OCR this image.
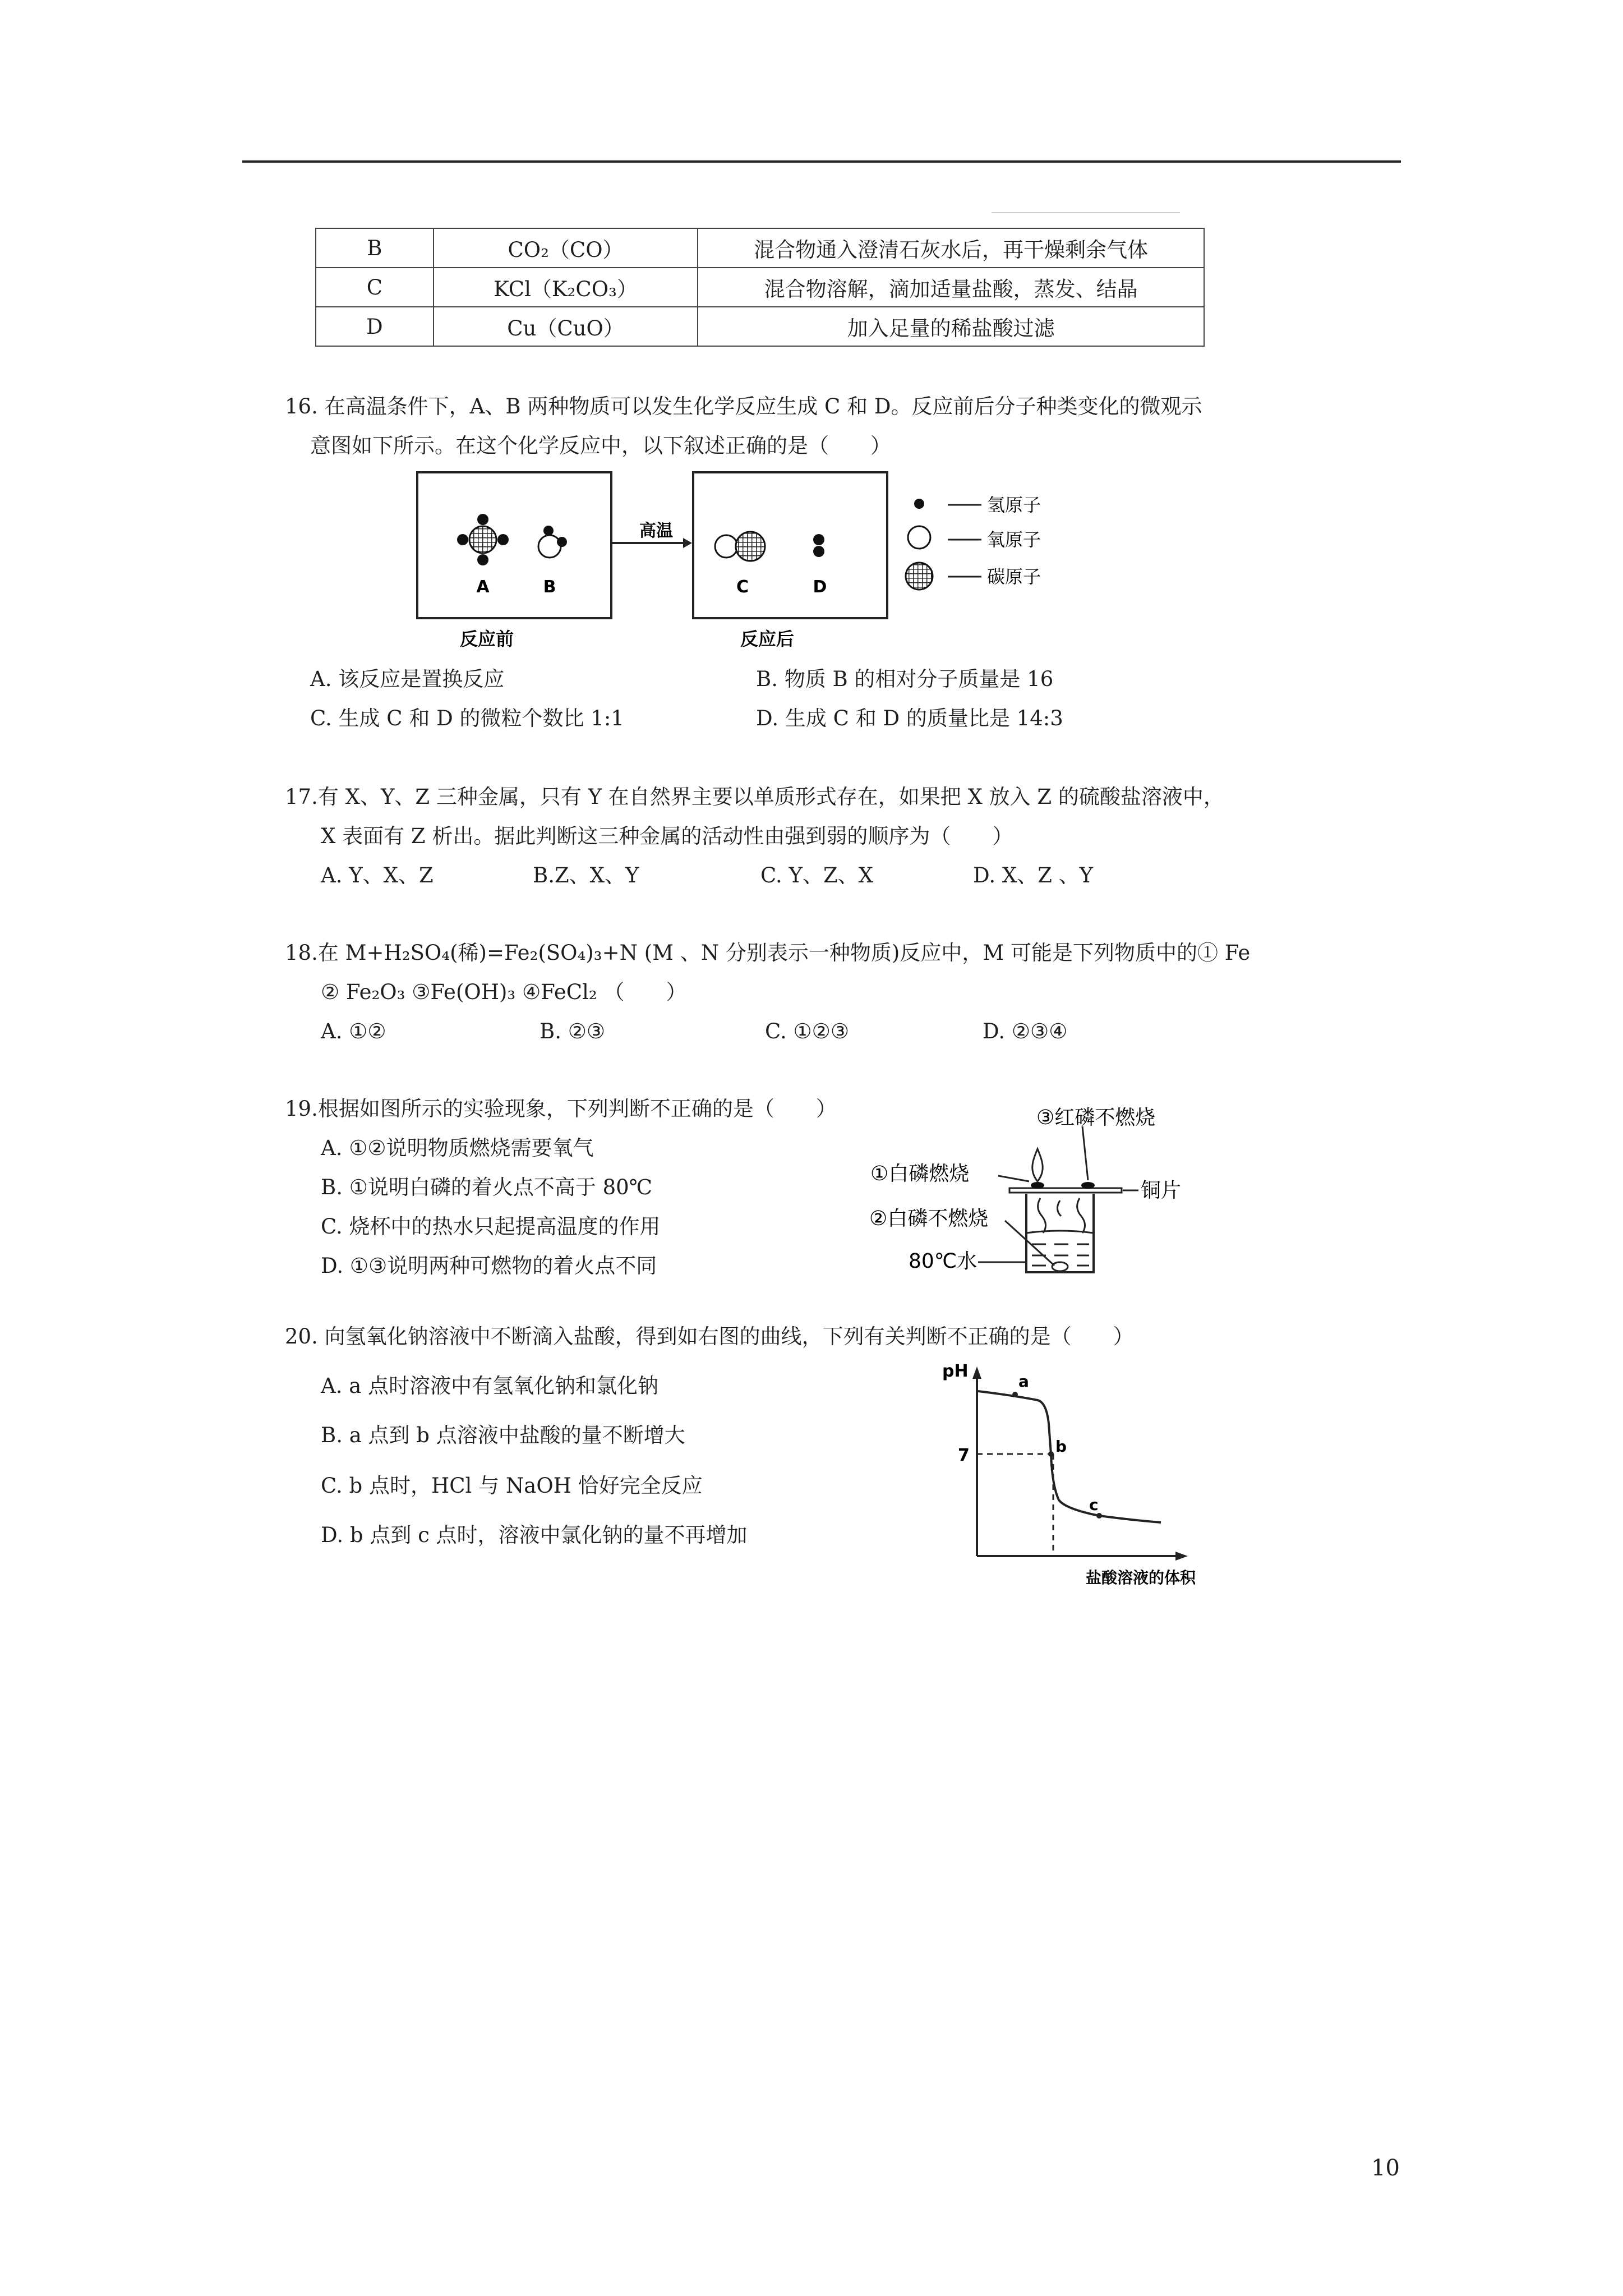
B	CO₂（CO）	混合物通入澄清石灰水后，再干燥剩余气体
C	KCl（K₂CO₃）	混合物溶解，滴加适量盐酸，蒸发、结晶
D	Cu（CuO）	加入足量的稀盐酸过滤
16. 在高温条件下，A、B 两种物质可以发生化学反应生成 C 和 D。反应前后分子种类变化的微观示
意图如下所示。在这个化学反应中，以下叙述正确的是（　　）
A	B
反应前
高温
C	D
反应后
氢原子
氧原子
碳原子
A. 该反应是置换反应	B. 物质 B 的相对分子质量是 16
C. 生成 C 和 D 的微粒个数比 1:1	D. 生成 C 和 D 的质量比是 14:3
17.有 X、Y、Z 三种金属，只有 Y 在自然界主要以单质形式存在，如果把 X 放入 Z 的硫酸盐溶液中，
X 表面有 Z 析出。据此判断这三种金属的活动性由强到弱的顺序为（　　）
A. Y、X、Z	B.Z、X、Y	C. Y、Z、X	D. X、Z 、Y
18.在 M+H₂SO₄(稀)=Fe₂(SO₄)₃+N (M 、N 分别表示一种物质)反应中，M 可能是下列物质中的① Fe
② Fe₂O₃ ③Fe(OH)₃ ④FeCl₂ （　　）
A. ①②	B. ②③	C. ①②③	D. ②③④
19.根据如图所示的实验现象，下列判断不正确的是（　　）
A. ①②说明物质燃烧需要氧气
B. ①说明白磷的着火点不高于 80℃
C. 烧杯中的热水只起提高温度的作用
D. ①③说明两种可燃物的着火点不同
①白磷燃烧
②白磷不燃烧
③红磷不燃烧
铜片
80℃水
20. 向氢氧化钠溶液中不断滴入盐酸，得到如右图的曲线，下列有关判断不正确的是（　　）
A. a 点时溶液中有氢氧化钠和氯化钠
B. a 点到 b 点溶液中盐酸的量不断增大
C. b 点时，HCl 与 NaOH 恰好完全反应
D. b 点到 c 点时，溶液中氯化钠的量不再增加
pH
7
a
b
c
盐酸溶液的体积
10
